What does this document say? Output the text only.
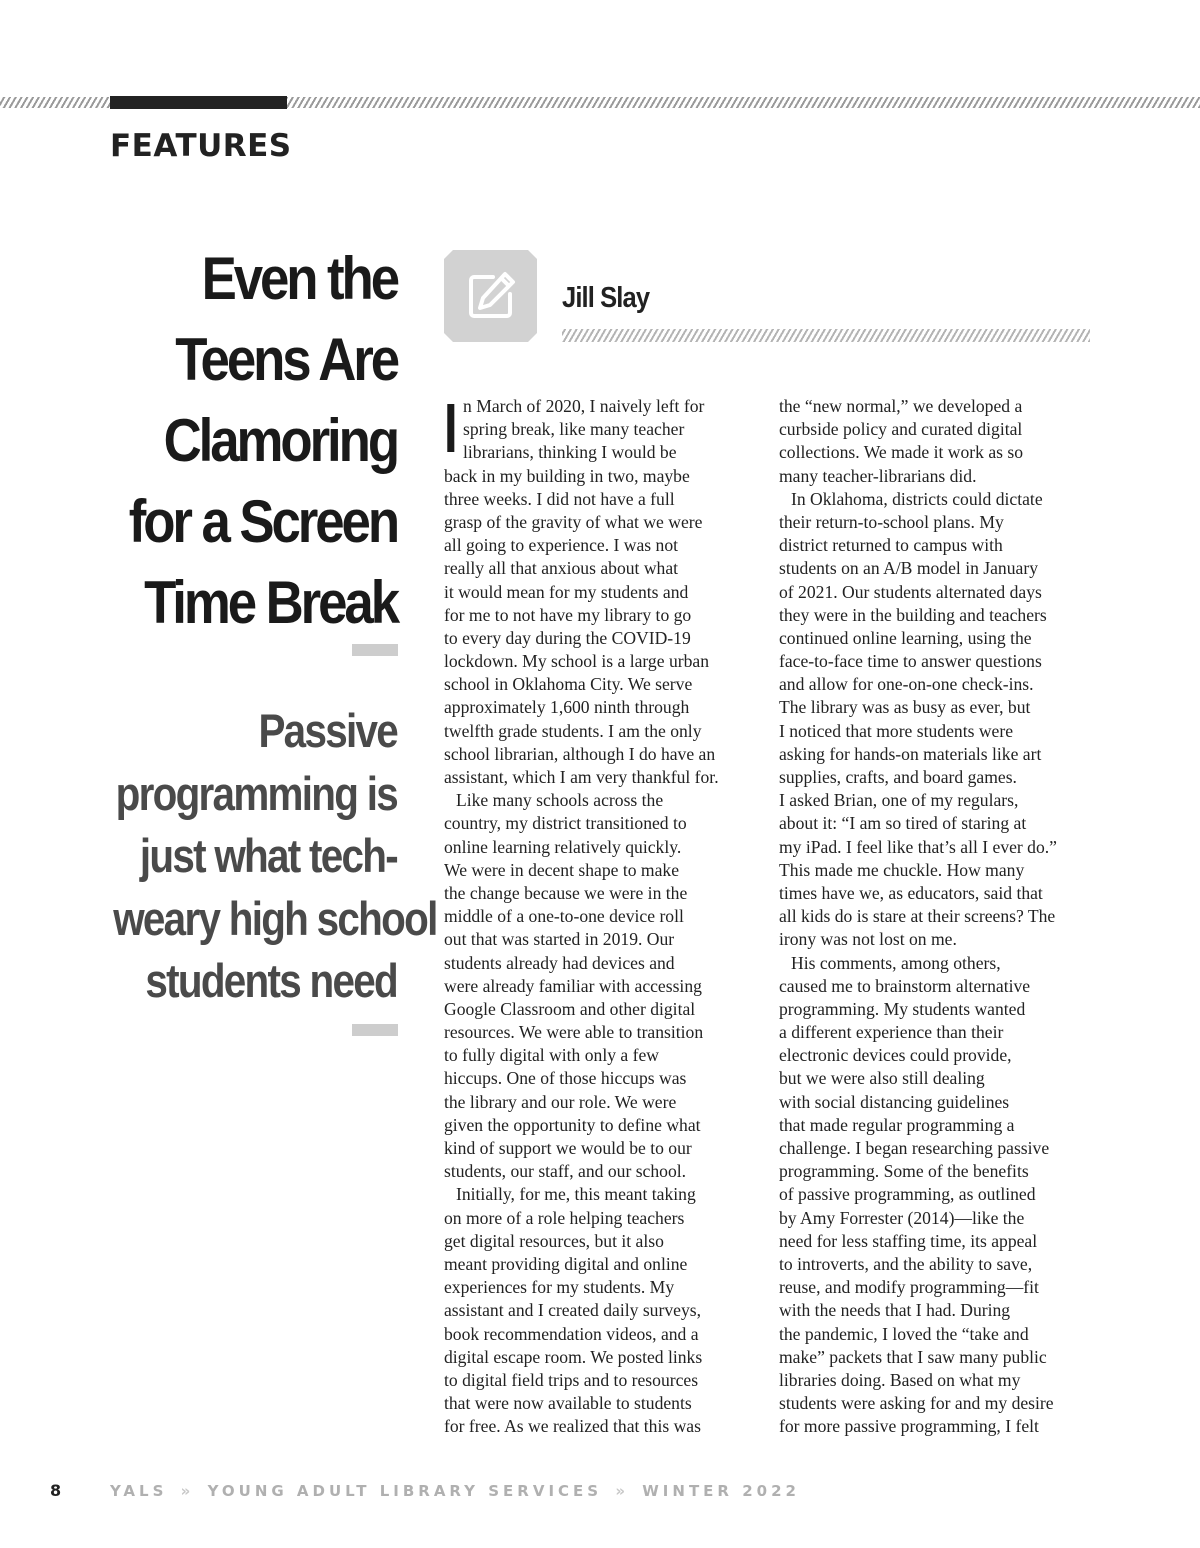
FEATURES
Even the
Teens Are
Clamoring
for a Screen
Time Break
Passive
programming is
just what tech-
weary high school
students need
Jill Slay
I n March of 2020, I naively left for
spring break, like many teacher
librarians, thinking I would be
back in my building in two, maybe
three weeks. I did not have a full
grasp of the gravity of what we were
all going to experience. I was not
really all that anxious about what
it would mean for my students and
for me to not have my library to go
to every day during the COVID-19
lockdown. My school is a large urban
school in Oklahoma City. We serve
approximately 1,600 ninth through
twelfth grade students. I am the only
school librarian, although I do have an
assistant, which I am very thankful for.
Like many schools across the
country, my district transitioned to
online learning relatively quickly.
We were in decent shape to make
the change because we were in the
middle of a one-to-one device roll
out that was started in 2019. Our
students already had devices and
were already familiar with accessing
Google Classroom and other digital
resources. We were able to transition
to fully digital with only a few
hiccups. One of those hiccups was
the library and our role. We were
given the opportunity to define what
kind of support we would be to our
students, our staff, and our school.
Initially, for me, this meant taking
on more of a role helping teachers
get digital resources, but it also
meant providing digital and online
experiences for my students. My
assistant and I created daily surveys,
book recommendation videos, and a
digital escape room. We posted links
to digital field trips and to resources
that were now available to students
for free. As we realized that this was
the “new normal,” we developed a
curbside policy and curated digital
collections. We made it work as so
many teacher-librarians did.
In Oklahoma, districts could dictate
their return-to-school plans. My
district returned to campus with
students on an A/B model in January
of 2021. Our students alternated days
they were in the building and teachers
continued online learning, using the
face-to-face time to answer questions
and allow for one-on-one check-ins.
The library was as busy as ever, but
I noticed that more students were
asking for hands-on materials like art
supplies, crafts, and board games.
I asked Brian, one of my regulars,
about it: “I am so tired of staring at
my iPad. I feel like that’s all I ever do.”
This made me chuckle. How many
times have we, as educators, said that
all kids do is stare at their screens? The
irony was not lost on me.
His comments, among others,
caused me to brainstorm alternative
programming. My students wanted
a different experience than their
electronic devices could provide,
but we were also still dealing
with social distancing guidelines
that made regular programming a
challenge. I began researching passive
programming. Some of the benefits
of passive programming, as outlined
by Amy Forrester (2014)—like the
need for less staffing time, its appeal
to introverts, and the ability to save,
reuse, and modify programming—fit
with the needs that I had. During
the pandemic, I loved the “take and
make” packets that I saw many public
libraries doing. Based on what my
students were asking for and my desire
for more passive programming, I felt
8	YALS » YOUNG ADULT LIBRARY SERVICES » WINTER 2022
